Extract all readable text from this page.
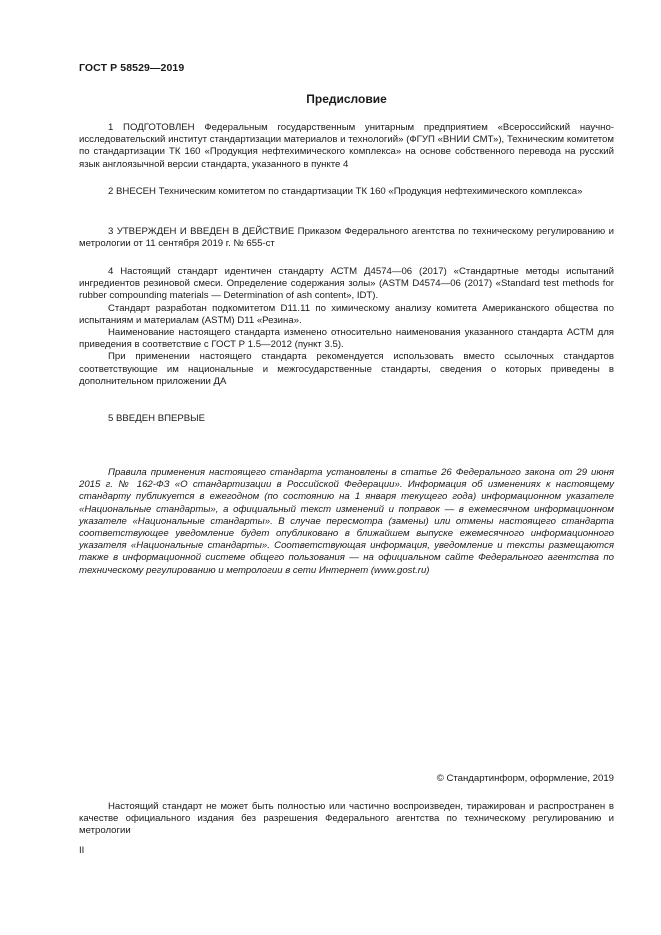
ГОСТ Р 58529—2019
Предисловие

1 ПОДГОТОВЛЕН Федеральным государственным унитарным предприятием «Всероссийский научно-исследовательский институт стандартизации материалов и технологий» (ФГУП «ВНИИ СМТ»), Техническим комитетом по стандартизации ТК 160 «Продукция нефтехимического комплекса» на основе собственного перевода на русский язык англоязычной версии стандарта, указанного в пункте 4

2 ВНЕСЕН Техническим комитетом по стандартизации ТК 160 «Продукция нефтехимического комплекса»

3 УТВЕРЖДЕН И ВВЕДЕН В ДЕЙСТВИЕ Приказом Федерального агентства по техническому регулированию и метрологии от 11 сентября 2019 г. № 655-ст

4 Настоящий стандарт идентичен стандарту АСТМ Д4574—06 (2017) «Стандартные методы испытаний ингредиентов резиновой смеси. Определение содержания золы» (ASTM D4574—06 (2017) «Standard test methods for rubber compounding materials — Determination of ash content», IDT).

Стандарт разработан подкомитетом D11.11 по химическому анализу комитета Американского общества по испытаниям и материалам (ASTM) D11 «Резина».

Наименование настоящего стандарта изменено относительно наименования указанного стандарта АСТМ для приведения в соответствие с ГОСТ Р 1.5—2012 (пункт 3.5).

При применении настоящего стандарта рекомендуется использовать вместо ссылочных стандартов соответствующие им национальные и межгосударственные стандарты, сведения о которых приведены в дополнительном приложении ДА

5 ВВЕДЕН ВПЕРВЫЕ

Правила применения настоящего стандарта установлены в статье 26 Федерального закона от 29 июня 2015 г. № 162-ФЗ «О стандартизации в Российской Федерации». Информация об изменениях к настоящему стандарту публикуется в ежегодном (по состоянию на 1 января текущего года) информационном указателе «Национальные стандарты», а официальный текст изменений и поправок — в ежемесячном информационном указателе «Национальные стандарты». В случае пересмотра (замены) или отмены настоящего стандарта соответствующее уведомление будет опубликовано в ближайшем выпуске ежемесячного информационного указателя «Национальные стандарты». Соответствующая информация, уведомление и тексты размещаются также в информационной системе общего пользования — на официальном сайте Федерального агентства по техническому регулированию и метрологии в сети Интернет (www.gost.ru)

© Стандартинформ, оформление, 2019

Настоящий стандарт не может быть полностью или частично воспроизведен, тиражирован и распространен в качестве официального издания без разрешения Федерального агентства по техническому регулированию и метрологии

II
